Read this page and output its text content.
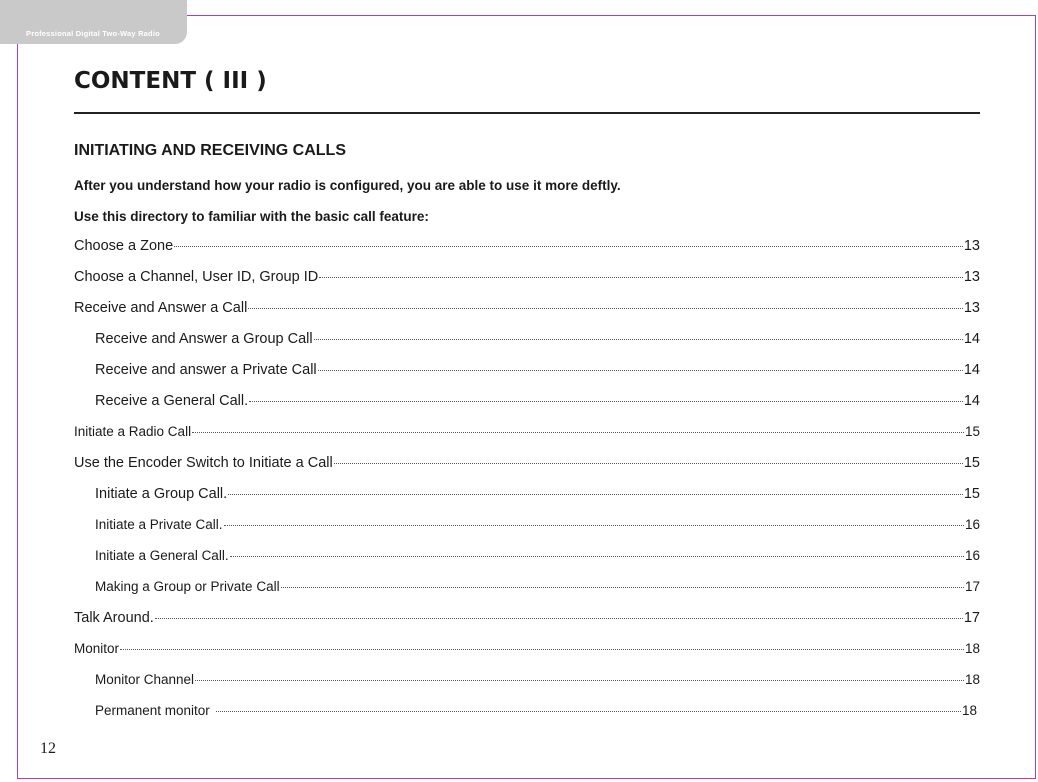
Professional Digital Two-Way Radio
CONTENT ( III )
INITIATING AND RECEIVING CALLS
After you understand how your radio is configured, you are able to use it more deftly.
Use this directory to familiar with the basic call feature:
Choose a Zone	13
Choose a Channel, User ID, Group ID	13
Receive and Answer a Call	13
Receive and Answer a Group Call	14
Receive and answer a Private Call	14
Receive a General Call.	14
Initiate a Radio Call	15
Use the Encoder Switch to Initiate a Call	15
Initiate a Group Call.	15
Initiate a Private Call.	16
Initiate a General Call.	16
Making a Group or Private Call	17
Talk Around.	17
Monitor	18
Monitor Channel	18
Permanent monitor	18
12
